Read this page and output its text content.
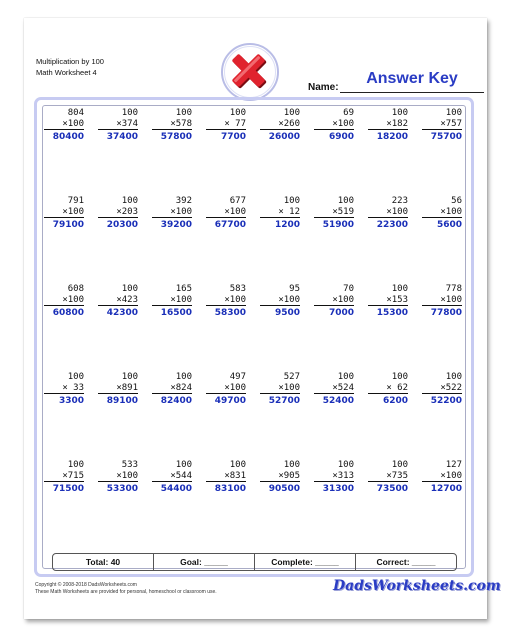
Multiplication by 100
Math Worksheet 4
Name:
Answer Key
804
×100
80400
100
×374
37400
100
×578
57800
100
× 77
7700
100
×260
26000
69
×100
6900
100
×182
18200
100
×757
75700
791
×100
79100
100
×203
20300
392
×100
39200
677
×100
67700
100
× 12
1200
100
×519
51900
223
×100
22300
56
×100
5600
608
×100
60800
100
×423
42300
165
×100
16500
583
×100
58300
95
×100
9500
70
×100
7000
100
×153
15300
778
×100
77800
100
× 33
3300
100
×891
89100
100
×824
82400
497
×100
49700
527
×100
52700
100
×524
52400
100
× 62
6200
100
×522
52200
100
×715
71500
533
×100
53300
100
×544
54400
100
×831
83100
100
×905
90500
100
×313
31300
100
×735
73500
127
×100
12700
Total: 40	Goal: _____	Complete: _____	Correct: _____
Copyright © 2008-2018 DadsWorksheets.com
These Math Worksheets are provided for personal, homeschool or classroom use.	DadsWorksheets.com
